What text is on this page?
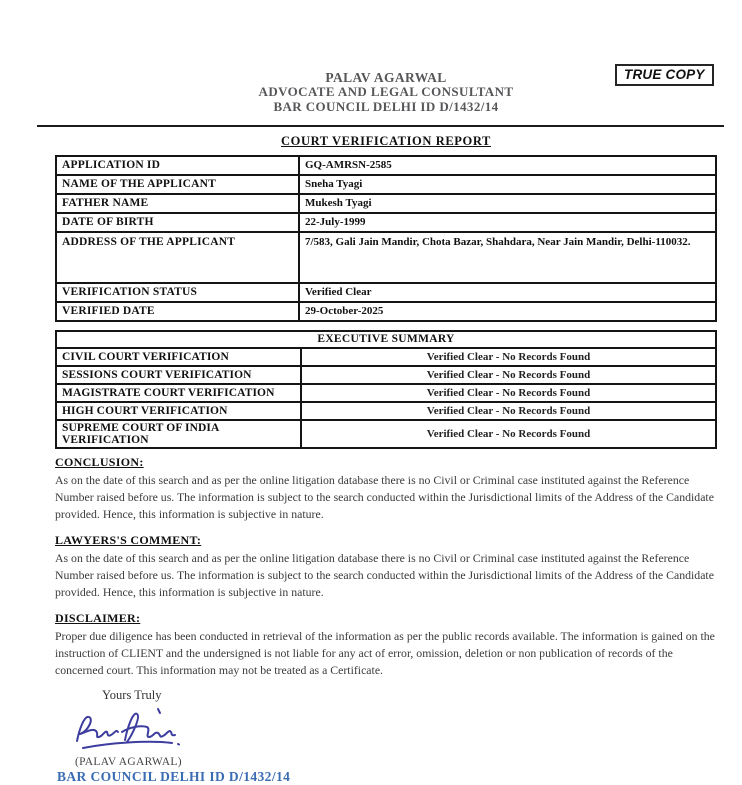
PALAV AGARWAL
ADVOCATE AND LEGAL CONSULTANT
BAR COUNCIL DELHI ID D/1432/14
TRUE COPY
COURT VERIFICATION REPORT
APPLICATION ID	GQ-AMRSN-2585
NAME OF THE APPLICANT	Sneha Tyagi
FATHER NAME	Mukesh Tyagi
DATE OF BIRTH	22-July-1999
ADDRESS OF THE APPLICANT	7/583, Gali Jain Mandir, Chota Bazar, Shahdara, Near Jain Mandir, Delhi-110032.
VERIFICATION STATUS	Verified Clear
VERIFIED DATE	29-October-2025
EXECUTIVE SUMMARY	
CIVIL COURT VERIFICATION	Verified Clear - No Records Found
SESSIONS COURT VERIFICATION	Verified Clear - No Records Found
MAGISTRATE COURT VERIFICATION	Verified Clear - No Records Found
HIGH COURT VERIFICATION	Verified Clear - No Records Found
SUPREME COURT OF INDIA VERIFICATION	Verified Clear - No Records Found
CONCLUSION:
As on the date of this search and as per the online litigation database there is no Civil or Criminal case instituted against the Reference Number raised before us. The information is subject to the search conducted within the Jurisdictional limits of the Address of the Candidate provided. Hence, this information is subjective in nature.
LAWYERS'S COMMENT:
As on the date of this search and as per the online litigation database there is no Civil or Criminal case instituted against the Reference Number raised before us. The information is subject to the search conducted within the Jurisdictional limits of the Address of the Candidate provided. Hence, this information is subjective in nature.
DISCLAIMER:
Proper due diligence has been conducted in retrieval of the information as per the public records available. The information is gained on the instruction of CLIENT and the undersigned is not liable for any act of error, omission, deletion or non publication of records of the concerned court. This information may not be treated as a Certificate.
Yours Truly
(PALAV AGARWAL)
BAR COUNCIL DELHI ID D/1432/14
